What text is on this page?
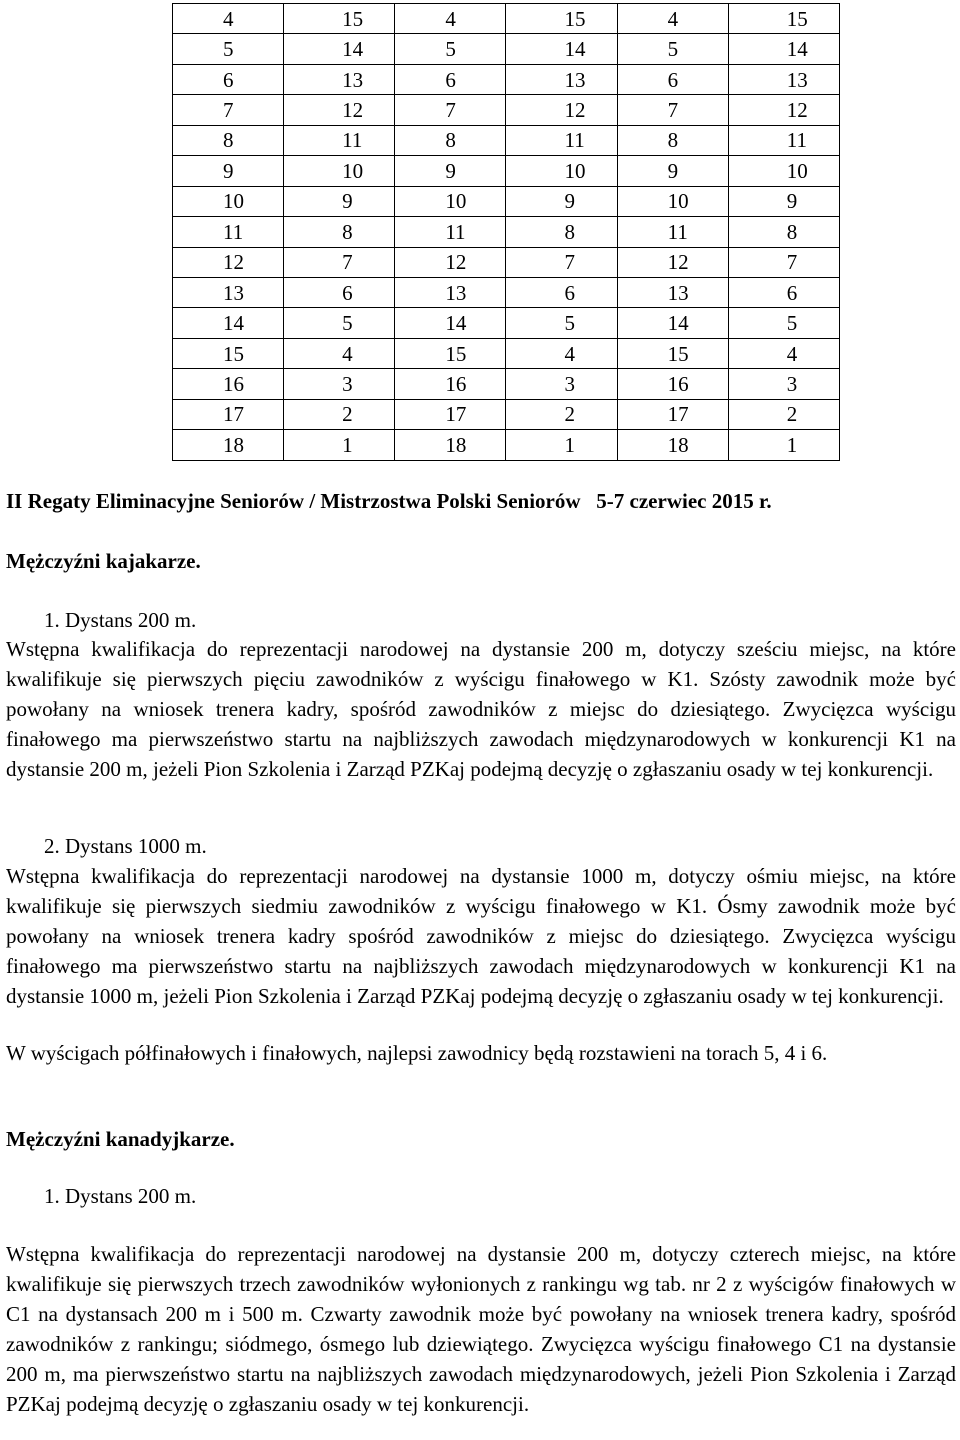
4	15	4	15	4	15
5	14	5	14	5	14
6	13	6	13	6	13
7	12	7	12	7	12
8	11	8	11	8	11
9	10	9	10	9	10
10	9	10	9	10	9
11	8	11	8	11	8
12	7	12	7	12	7
13	6	13	6	13	6
14	5	14	5	14	5
15	4	15	4	15	4
16	3	16	3	16	3
17	2	17	2	17	2
18	1	18	1	18	1
II Regaty Eliminacyjne Seniorów / Mistrzostwa Polski Seniorów 5-7 czerwiec 2015 r.
Mężczyźni kajakarze.
1. Dystans 200 m.

Wstępna kwalifikacja do reprezentacji narodowej na dystansie 200 m, dotyczy sześciu miejsc, na które kwalifikuje się pierwszych pięciu zawodników z wyścigu finałowego w K1. Szósty zawodnik może być powołany na wniosek trenera kadry, spośród zawodników z miejsc do dziesiątego. Zwycięzca wyścigu finałowego ma pierwszeństwo startu na najbliższych zawodach międzynarodowych w konkurencji K1 na dystansie 200 m, jeżeli Pion Szkolenia i Zarząd PZKaj podejmą decyzję o zgłaszaniu osady w tej konkurencji.

2. Dystans 1000 m.

Wstępna kwalifikacja do reprezentacji narodowej na dystansie 1000 m, dotyczy ośmiu miejsc, na które kwalifikuje się pierwszych siedmiu zawodników z wyścigu finałowego w K1. Ósmy zawodnik może być powołany na wniosek trenera kadry spośród zawodników z miejsc do dziesiątego. Zwycięzca wyścigu finałowego ma pierwszeństwo startu na najbliższych zawodach międzynarodowych w konkurencji K1 na dystansie 1000 m, jeżeli Pion Szkolenia i Zarząd PZKaj podejmą decyzję o zgłaszaniu osady w tej konkurencji.

W wyścigach półfinałowych i finałowych, najlepsi zawodnicy będą rozstawieni na torach 5, 4 i 6.

Mężczyźni kanadyjkarze.
1. Dystans 200 m.

Wstępna kwalifikacja do reprezentacji narodowej na dystansie 200 m, dotyczy czterech miejsc, na które kwalifikuje się pierwszych trzech zawodników wyłonionych z rankingu wg tab. nr 2 z wyścigów finałowych w C1 na dystansach 200 m i 500 m. Czwarty zawodnik może być powołany na wniosek trenera kadry, spośród zawodników z rankingu; siódmego, ósmego lub dziewiątego. Zwycięzca wyścigu finałowego C1 na dystansie 200 m, ma pierwszeństwo startu na najbliższych zawodach międzynarodowych, jeżeli Pion Szkolenia i Zarząd PZKaj podejmą decyzję o zgłaszaniu osady w tej konkurencji.
